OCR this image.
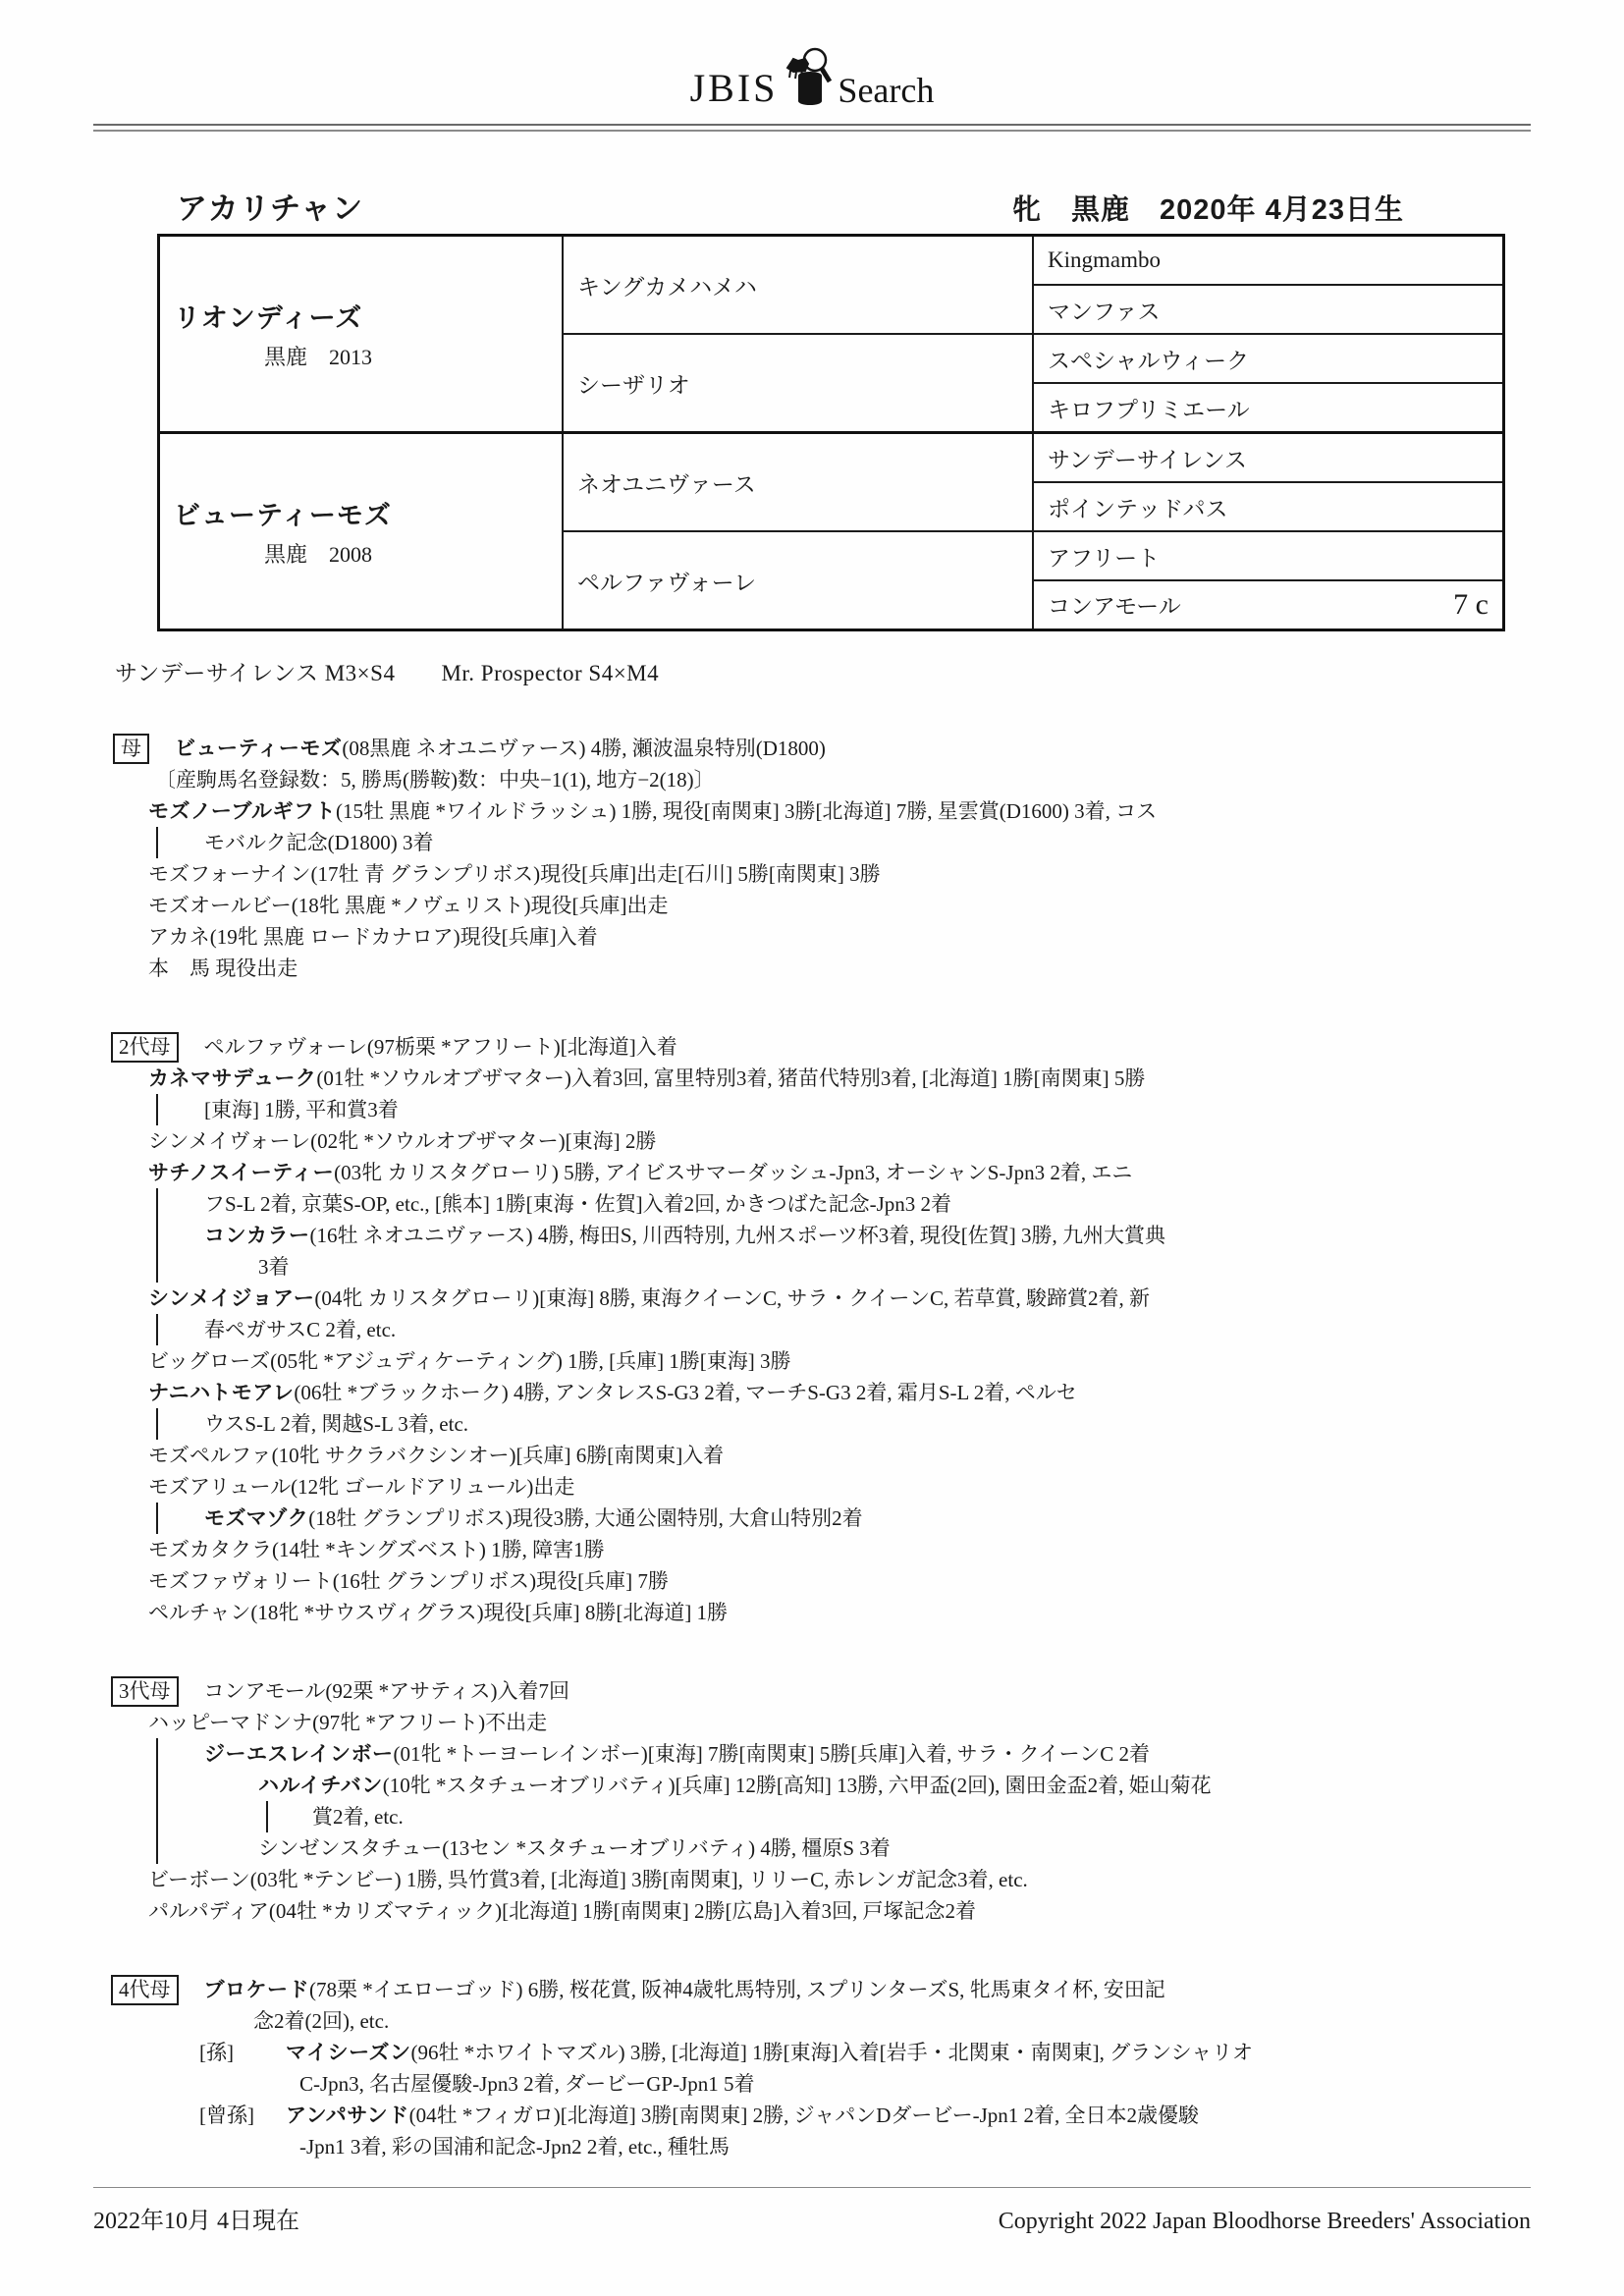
JBIS Search
アカリチャン	牝　黒鹿　2020年 4月23日生
リオンディーズ
黒鹿　2013	キングカメハメハ	Kingmambo
		マンファス
	シーザリオ	スペシャルウィーク
		キロフプリミエール

ビューティーモズ
黒鹿　2008	ネオユニヴァース	サンデーサイレンス
		ポインテッドパス
	ペルファヴォーレ	アフリート
		コンアモール 7 c
サンデーサイレンス M3×S4　　Mr. Prospector S4×M4
母 ビューティーモズ(08黒鹿 ネオユニヴァース) 4勝, 瀬波温泉特別(D1800)
〔産駒馬名登録数：5, 勝馬(勝鞍)数：中央−1(1), 地方−2(18)〕
モズノーブルギフト(15牡 黒鹿 *ワイルドラッシュ) 1勝, 現役[南関東] 3勝[北海道] 7勝, 星雲賞(D1600) 3着, コス
モバルク記念(D1800) 3着
モズフォーナイン(17牡 青 グランプリボス)現役[兵庫]出走[石川] 5勝[南関東] 3勝
モズオールビー(18牝 黒鹿 *ノヴェリスト)現役[兵庫]出走
アカネ(19牝 黒鹿 ロードカナロア)現役[兵庫]入着
本　馬 現役出走
2代母 ペルファヴォーレ(97栃栗 *アフリート)[北海道]入着
カネマサデューク(01牡 *ソウルオブザマター)入着3回, 富里特別3着, 猪苗代特別3着, [北海道] 1勝[南関東] 5勝
[東海] 1勝, 平和賞3着
シンメイヴォーレ(02牝 *ソウルオブザマター)[東海] 2勝
サチノスイーティー(03牝 カリスタグローリ) 5勝, アイビスサマーダッシュ-Jpn3, オーシャンS-Jpn3 2着, エニ
フS-L 2着, 京葉S-OP, etc., [熊本] 1勝[東海・佐賀]入着2回, かきつばた記念-Jpn3 2着
コンカラー(16牡 ネオユニヴァース) 4勝, 梅田S, 川西特別, 九州スポーツ杯3着, 現役[佐賀] 3勝, 九州大賞典
3着
シンメイジョアー(04牝 カリスタグローリ)[東海] 8勝, 東海クイーンC, サラ・クイーンC, 若草賞, 駿蹄賞2着, 新
春ペガサスC 2着, etc.
ビッグローズ(05牝 *アジュディケーティング) 1勝, [兵庫] 1勝[東海] 3勝
ナニハトモアレ(06牡 *ブラックホーク) 4勝, アンタレスS-G3 2着, マーチS-G3 2着, 霜月S-L 2着, ペルセ
ウスS-L 2着, 関越S-L 3着, etc.
モズペルファ(10牝 サクラバクシンオー)[兵庫] 6勝[南関東]入着
モズアリュール(12牝 ゴールドアリュール)出走
モズマゾク(18牡 グランプリボス)現役3勝, 大通公園特別, 大倉山特別2着
モズカタクラ(14牡 *キングズベスト) 1勝, 障害1勝
モズファヴォリート(16牡 グランプリボス)現役[兵庫] 7勝
ペルチャン(18牝 *サウスヴィグラス)現役[兵庫] 8勝[北海道] 1勝
3代母 コンアモール(92栗 *アサティス)入着7回
ハッピーマドンナ(97牝 *アフリート)不出走
ジーエスレインボー(01牝 *トーヨーレインボー)[東海] 7勝[南関東] 5勝[兵庫]入着, サラ・クイーンC 2着
ハルイチバン(10牝 *スタチューオブリバティ)[兵庫] 12勝[高知] 13勝, 六甲盃(2回), 園田金盃2着, 姫山菊花
賞2着, etc.
シンゼンスタチュー(13セン *スタチューオブリバティ) 4勝, 橿原S 3着
ビーボーン(03牝 *テンビー) 1勝, 呉竹賞3着, [北海道] 3勝[南関東], リリーC, 赤レンガ記念3着, etc.
パルパディア(04牡 *カリズマティック)[北海道] 1勝[南関東] 2勝[広島]入着3回, 戸塚記念2着
4代母 ブロケード(78栗 *イエローゴッド) 6勝, 桜花賞, 阪神4歳牝馬特別, スプリンターズS, 牝馬東タイ杯, 安田記
念2着(2回), etc.
[孫]	マイシーズン(96牡 *ホワイトマズル) 3勝, [北海道] 1勝[東海]入着[岩手・北関東・南関東], グランシャリオ
C-Jpn3, 名古屋優駿-Jpn3 2着, ダービーGP-Jpn1 5着
[曾孫] アンパサンド(04牡 *フィガロ)[北海道] 3勝[南関東] 2勝, ジャパンDダービー-Jpn1 2着, 全日本2歳優駿
-Jpn1 3着, 彩の国浦和記念-Jpn2 2着, etc., 種牡馬
2022年10月 4日現在	Copyright 2022 Japan Bloodhorse Breeders' Association
